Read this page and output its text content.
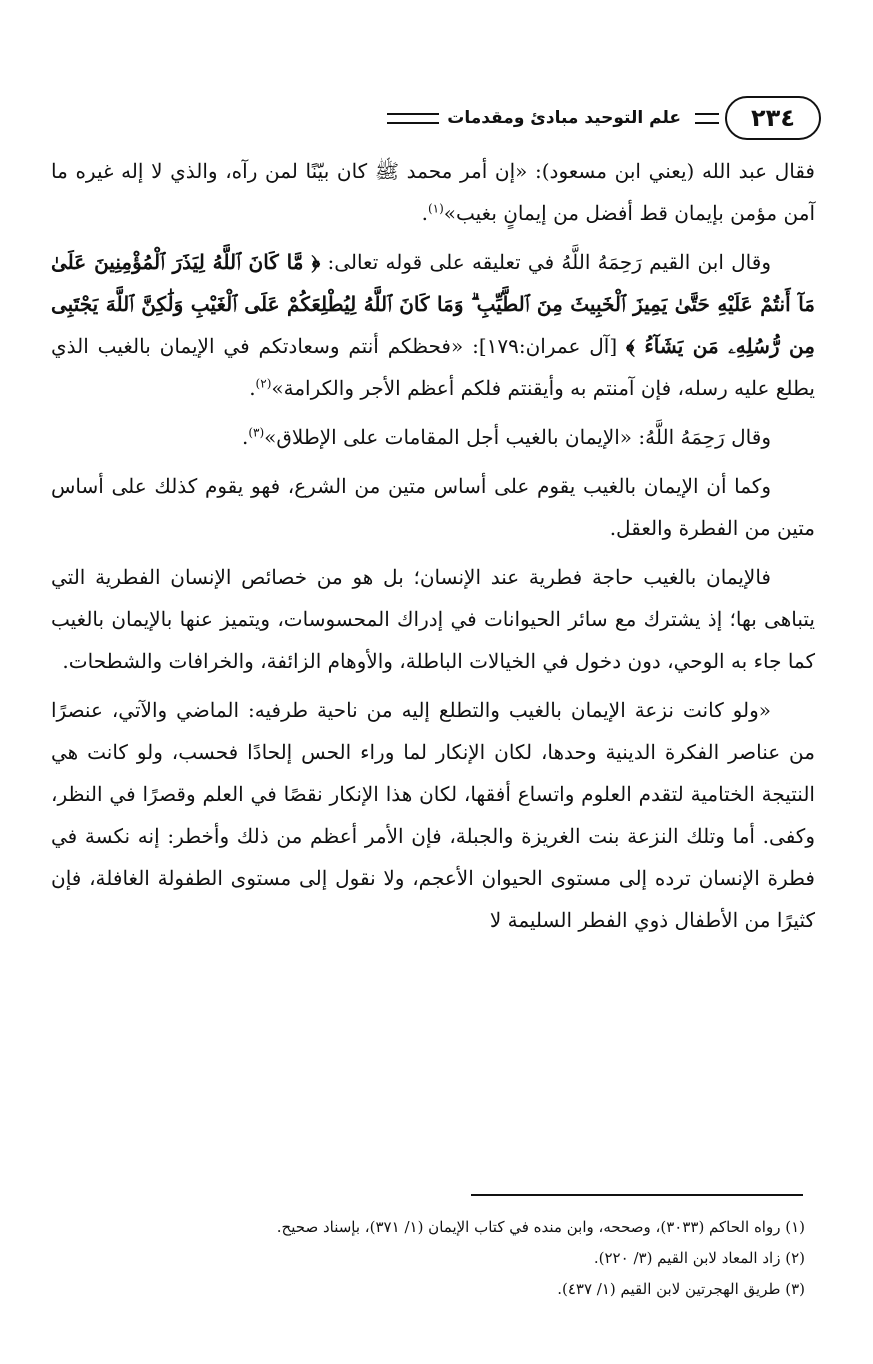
٢٣٤
علم التوحيد مبادئ ومقدمات

فقال عبد الله (يعني ابن مسعود): «إن أمر محمد ﷺ كان بيّنًا لمن رآه، والذي لا إله غيره ما آمن مؤمن بإيمان قط أفضل من إيمانٍ بغيب»$^{(١)}$.

وقال ابن القيم رَحِمَهُ اللَّهُ في تعليقه على قوله تعالى: ﴿ مَّا كَانَ ٱللَّهُ لِيَذَرَ ٱلْمُؤْمِنِينَ عَلَىٰ مَآ أَنتُمْ عَلَيْهِ حَتَّىٰ يَمِيزَ ٱلْخَبِيثَ مِنَ ٱلطَّيِّبِ ۗ وَمَا كَانَ ٱللَّهُ لِيُطْلِعَكُمْ عَلَى ٱلْغَيْبِ وَلَٰكِنَّ ٱللَّهَ يَجْتَبِى مِن رُّسُلِهِۦ مَن يَشَآءُ ﴾ [آل عمران:١٧٩]: «فحظكم أنتم وسعادتكم في الإيمان بالغيب الذي يطلع عليه رسله، فإن آمنتم به وأيقنتم فلكم أعظم الأجر والكرامة»$^{(٢)}$.

وقال رَحِمَهُ اللَّهُ: «الإيمان بالغيب أجل المقامات على الإطلاق»$^{(٣)}$.

وكما أن الإيمان بالغيب يقوم على أساس متين من الشرع، فهو يقوم كذلك على أساس متين من الفطرة والعقل.

فالإيمان بالغيب حاجة فطرية عند الإنسان؛ بل هو من خصائص الإنسان الفطرية التي يتباهى بها؛ إذ يشترك مع سائر الحيوانات في إدراك المحسوسات، ويتميز عنها بالإيمان بالغيب كما جاء به الوحي، دون دخول في الخيالات الباطلة، والأوهام الزائفة، والخرافات والشطحات.

«ولو كانت نزعة الإيمان بالغيب والتطلع إليه من ناحية طرفيه: الماضي والآتي، عنصرًا من عناصر الفكرة الدينية وحدها، لكان الإنكار لما وراء الحس إلحادًا فحسب، ولو كانت هي النتيجة الختامية لتقدم العلوم واتساع أفقها، لكان هذا الإنكار نقصًا في العلم وقصرًا في النظر، وكفى. أما وتلك النزعة بنت الغريزة والجبلة، فإن الأمر أعظم من ذلك وأخطر: إنه نكسة في فطرة الإنسان ترده إلى مستوى الحيوان الأعجم، ولا نقول إلى مستوى الطفولة الغافلة، فإن كثيرًا من الأطفال ذوي الفطر السليمة لا

(١) رواه الحاكم (٣٠٣٣)، وصححه، وابن منده في كتاب الإيمان (١/ ٣٧١)، بإسناد صحيح.
(٢) زاد المعاد لابن القيم (٣/ ٢٢٠).
(٣) طريق الهجرتين لابن القيم (١/ ٤٣٧).
